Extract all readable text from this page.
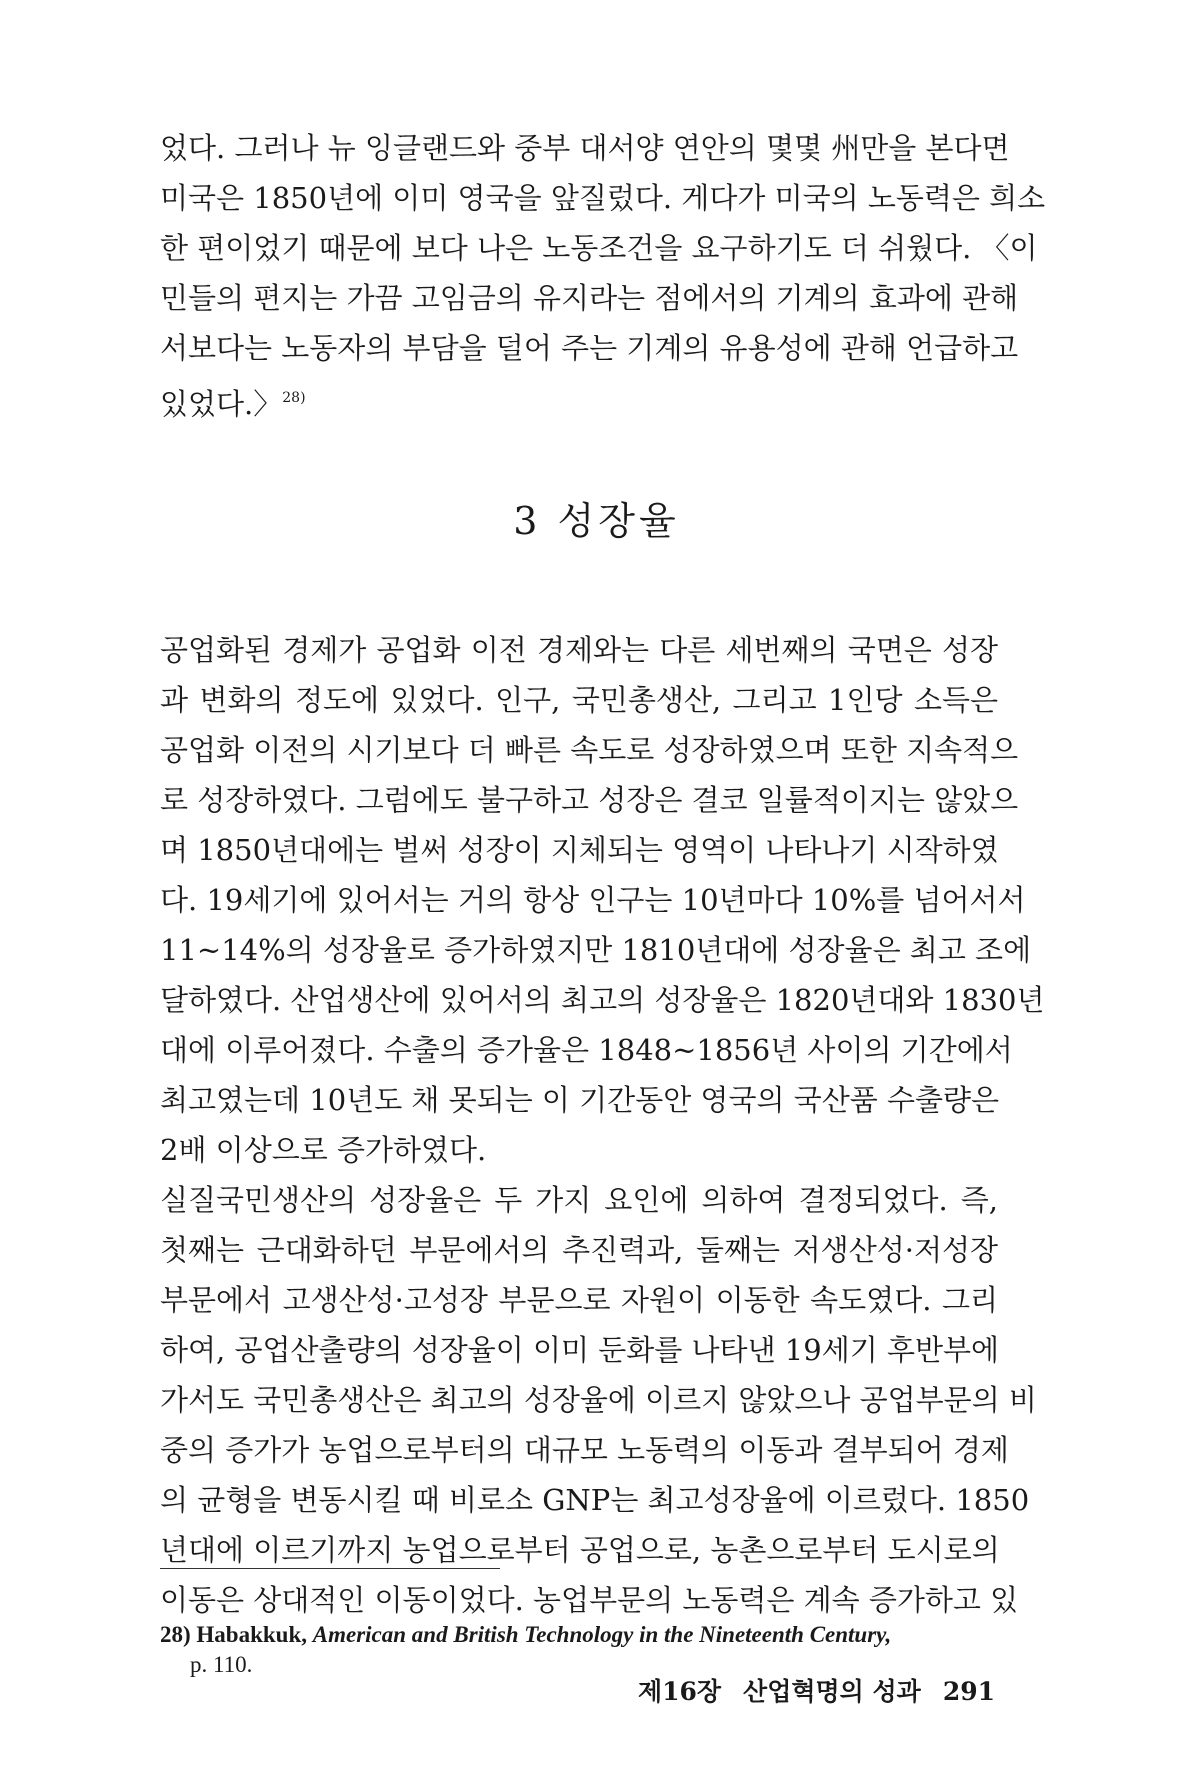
었다. 그러나 뉴 잉글랜드와 중부 대서양 연안의 몇몇 州만을 본다면

미국은 1850년에 이미 영국을 앞질렀다. 게다가 미국의 노동력은 희소

한 편이었기 때문에 보다 나은 노동조건을 요구하기도 더 쉬웠다. 〈이

민들의 편지는 가끔 고임금의 유지라는 점에서의 기계의 효과에 관해

서보다는 노동자의 부담을 덜어 주는 기계의 유용성에 관해 언급하고

있었다.〉$^{28)}$

3 성장율

공업화된 경제가 공업화 이전 경제와는 다른 세번째의 국면은 성장

과 변화의 정도에 있었다. 인구, 국민총생산, 그리고 1인당 소득은

공업화 이전의 시기보다 더 빠른 속도로 성장하였으며 또한 지속적으

로 성장하였다. 그럼에도 불구하고 성장은 결코 일률적이지는 않았으

며 1850년대에는 벌써 성장이 지체되는 영역이 나타나기 시작하였

다. 19세기에 있어서는 거의 항상 인구는 10년마다 10%를 넘어서서

11~14%의 성장율로 증가하였지만 1810년대에 성장율은 최고 조에

달하였다. 산업생산에 있어서의 최고의 성장율은 1820년대와 1830년

대에 이루어졌다. 수출의 증가율은 1848~1856년 사이의 기간에서

최고였는데 10년도 채 못되는 이 기간동안 영국의 국산품 수출량은

2배 이상으로 증가하였다.

실질국민생산의 성장율은 두 가지 요인에 의하여 결정되었다. 즉,

첫째는 근대화하던 부문에서의 추진력과, 둘째는 저생산성·저성장

부문에서 고생산성·고성장 부문으로 자원이 이동한 속도였다. 그리

하여, 공업산출량의 성장율이 이미 둔화를 나타낸 19세기 후반부에

가서도 국민총생산은 최고의 성장율에 이르지 않았으나 공업부문의 비

중의 증가가 농업으로부터의 대규모 노동력의 이동과 결부되어 경제

의 균형을 변동시킬 때 비로소 GNP는 최고성장율에 이르렀다. 1850

년대에 이르기까지 농업으로부터 공업으로, 농촌으로부터 도시로의

이동은 상대적인 이동이었다. 농업부문의 노동력은 계속 증가하고 있

28) Habakkuk, American and British Technology in the Nineteenth Century,

p. 110.

제16장 산업혁명의 성과 291
